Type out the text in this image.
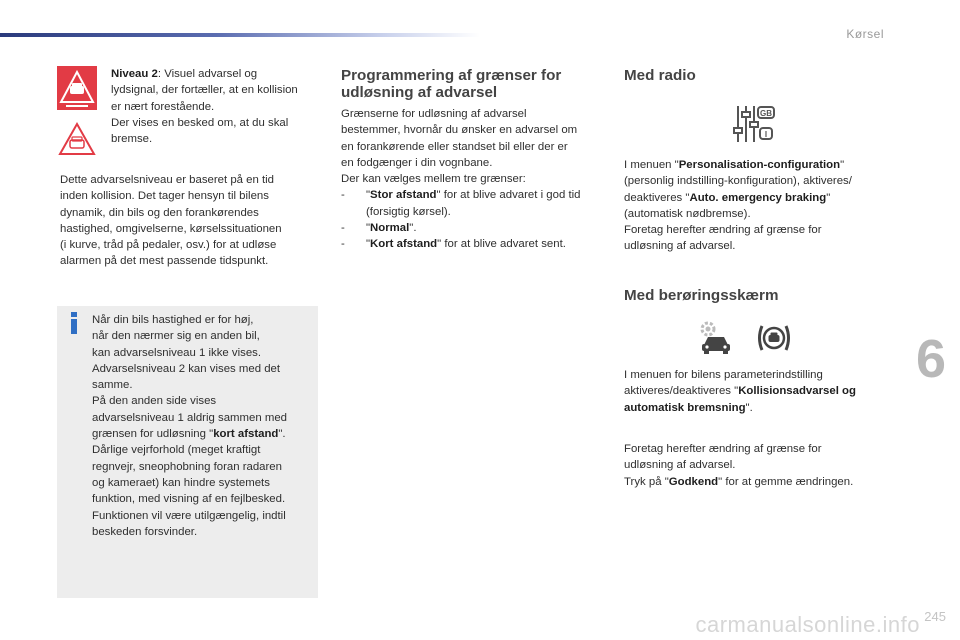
Kørsel
6
245
carmanualsonline.info
Niveau 2: Visuel advarsel og
lydsignal, der fortæller, at en kollision
er nært forestående.
Der vises en besked om, at du skal
bremse.
Dette advarselsniveau er baseret på en tid
inden kollision. Det tager hensyn til bilens
dynamik, din bils og den forankørendes
hastighed, omgivelserne, kørselssituationen
(i kurve, tråd på pedaler, osv.) for at udløse
alarmen på det mest passende tidspunkt.
Når din bils hastighed er for høj,
når den nærmer sig en anden bil,
kan advarselsniveau 1 ikke vises.
Advarselsniveau 2 kan vises med det
samme.
På den anden side vises
advarselsniveau 1 aldrig sammen med
grænsen for udløsning "kort afstand".
Dårlige vejrforhold (meget kraftigt
regnvejr, sneophobning foran radaren
og kameraet) kan hindre systemets
funktion, med visning af en fejlbesked.
Funktionen vil være utilgængelig, indtil
beskeden forsvinder.
Programmering af grænser for
udløsning af advarsel
Grænserne for udløsning af advarsel
bestemmer, hvornår du ønsker en advarsel om
en forankørende eller standset bil eller der er
en fodgænger i din vognbane.
Der kan vælges mellem tre grænser:
- "Stor afstand" for at blive advaret i god tid
(forsigtig kørsel).
- "Normal".
- "Kort afstand" for at blive advaret sent.
Med radio
GB
I
I menuen "Personalisation-configuration"
(personlig indstilling-konfiguration), aktiveres/
deaktiveres "Auto. emergency braking"
(automatisk nødbremse).
Foretag herefter ændring af grænse for
udløsning af advarsel.
Med berøringsskærm
I menuen for bilens parameterindstilling
aktiveres/deaktiveres "Kollisionsadvarsel og
automatisk bremsning".
Foretag herefter ændring af grænse for
udløsning af advarsel.
Tryk på "Godkend" for at gemme ændringen.
